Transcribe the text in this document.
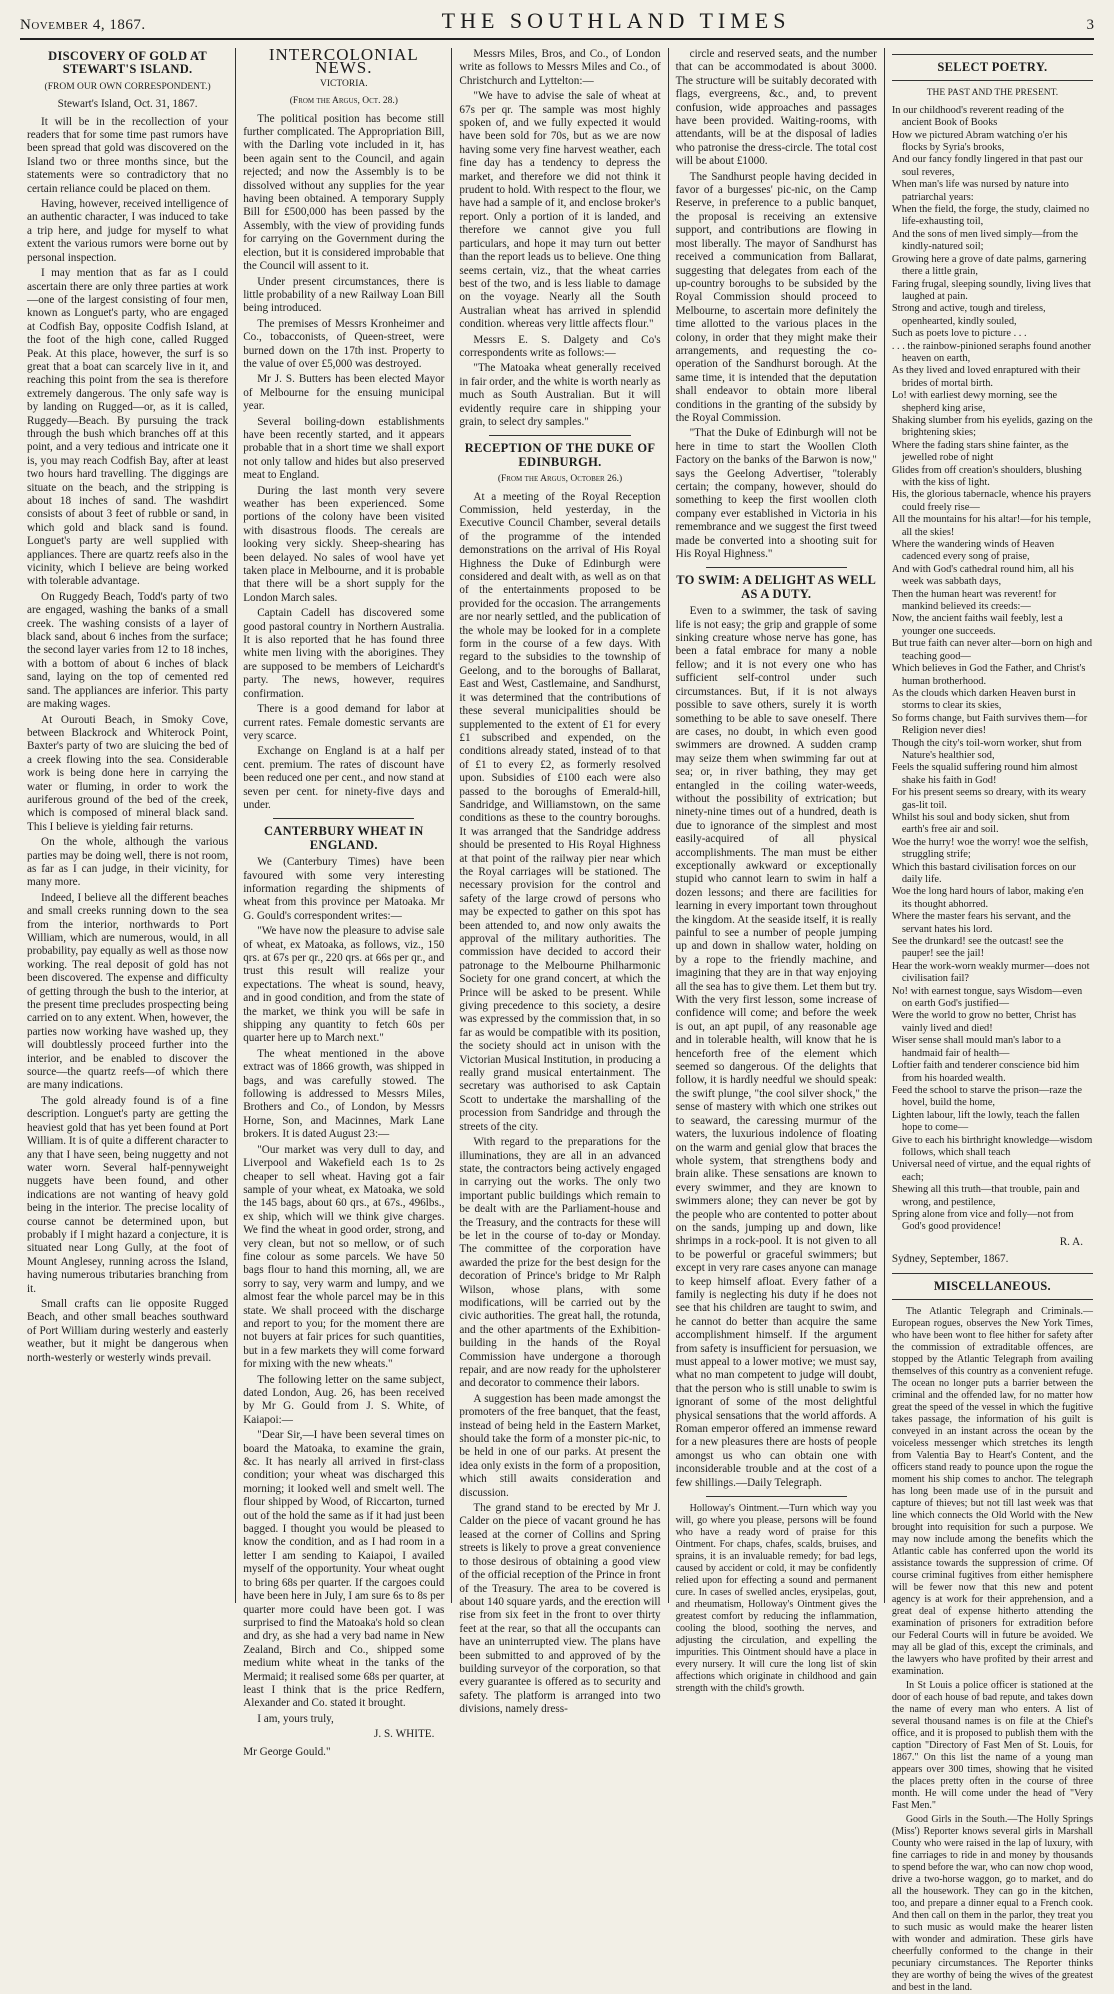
November 4, 1867.	THE SOUTHLAND TIMES	3
DISCOVERY OF GOLD AT STEWART'S ISLAND.
(FROM OUR OWN CORRESPONDENT.)
Stewart's Island, Oct. 31, 1867.

It will be in the recollection of your readers that for some time past rumors have been spread that gold was discovered on the Island two or three months since, but the statements were so contradictory that no certain reliance could be placed on them.

Having, however, received intelligence of an authentic character, I was induced to take a trip here, and judge for myself to what extent the various rumors were borne out by personal inspection.

I may mention that as far as I could ascertain there are only three parties at work—one of the largest consisting of four men, known as Longuet's party, who are engaged at Codfish Bay, opposite Codfish Island, at the foot of the high cone, called Rugged Peak. At this place, however, the surf is so great that a boat can scarcely live in it, and reaching this point from the sea is therefore extremely dangerous. The only safe way is by landing on Rugged—or, as it is called, Ruggedy—Beach. By pursuing the track through the bush which branches off at this point, and a very tedious and intricate one it is, you may reach Codfish Bay, after at least two hours hard travelling. The diggings are situate on the beach, and the stripping is about 18 inches of sand. The washdirt consists of about 3 feet of rubble or sand, in which gold and black sand is found. Longuet's party are well supplied with appliances. There are quartz reefs also in the vicinity, which I believe are being worked with tolerable advantage.

On Ruggedy Beach, Todd's party of two are engaged, washing the banks of a small creek. The washing consists of a layer of black sand, about 6 inches from the surface; the second layer varies from 12 to 18 inches, with a bottom of about 6 inches of black sand, laying on the top of cemented red sand. The appliances are inferior. This party are making wages.

At Ourouti Beach, in Smoky Cove, between Blackrock and Whiterock Point, Baxter's party of two are sluicing the bed of a creek flowing into the sea. Considerable work is being done here in carrying the water or fluming, in order to work the auriferous ground of the bed of the creek, which is composed of mineral black sand. This I believe is yielding fair returns.

On the whole, although the various parties may be doing well, there is not room, as far as I can judge, in their vicinity, for many more.

Indeed, I believe all the different beaches and small creeks running down to the sea from the interior, northwards to Port William, which are numerous, would, in all probability, pay equally as well as those now working. The real deposit of gold has not been discovered. The expense and difficulty of getting through the bush to the interior, at the present time precludes prospecting being carried on to any extent. When, however, the parties now working have washed up, they will doubtlessly proceed further into the interior, and be enabled to discover the source—the quartz reefs—of which there are many indications.

The gold already found is of a fine description. Longuet's party are getting the heaviest gold that has yet been found at Port William. It is of quite a different character to any that I have seen, being nuggetty and not water worn. Several half-pennyweight nuggets have been found, and other indications are not wanting of heavy gold being in the interior. The precise locality of course cannot be determined upon, but probably if I might hazard a conjecture, it is situated near Long Gully, at the foot of Mount Anglesey, running across the Island, having numerous tributaries branching from it.

Small crafts can lie opposite Rugged Beach, and other small beaches southward of Port William during westerly and easterly weather, but it might be dangerous when north-westerly or westerly winds prevail.

INTERCOLONIAL NEWS.
VICTORIA.
(From the Argus, Oct. 28.)

The political position has become still further complicated. The Appropriation Bill, with the Darling vote included in it, has been again sent to the Council, and again rejected; and now the Assembly is to be dissolved without any supplies for the year having been obtained. A temporary Supply Bill for £500,000 has been passed by the Assembly, with the view of providing funds for carrying on the Government during the election, but it is considered improbable that the Council will assent to it.

Under present circumstances, there is little probability of a new Railway Loan Bill being introduced.

The premises of Messrs Kronheimer and Co., tobacconists, of Queen-street, were burned down on the 17th inst. Property to the value of over £5,000 was destroyed.

Mr J. S. Butters has been elected Mayor of Melbourne for the ensuing municipal year.

Several boiling-down establishments have been recently started, and it appears probable that in a short time we shall export not only tallow and hides but also preserved meat to England.

During the last month very severe weather has been experienced. Some portions of the colony have been visited with disastrous floods. The cereals are looking very sickly. Sheep-shearing has been delayed. No sales of wool have yet taken place in Melbourne, and it is probable that there will be a short supply for the London March sales.

Captain Cadell has discovered some good pastoral country in Northern Australia. It is also reported that he has found three white men living with the aborigines. They are supposed to be members of Leichardt's party. The news, however, requires confirmation.

There is a good demand for labor at current rates. Female domestic servants are very scarce.

Exchange on England is at a half per cent. premium. The rates of discount have been reduced one per cent., and now stand at seven per cent. for ninety-five days and under.

CANTERBURY WHEAT IN ENGLAND.

We (Canterbury Times) have been favoured with some very interesting information regarding the shipments of wheat from this province per Matoaka. Mr G. Gould's correspondent writes:—

"We have now the pleasure to advise sale of wheat, ex Matoaka, as follows, viz., 150 qrs. at 67s per qr., 220 qrs. at 66s per qr., and trust this result will realize your expectations. The wheat is sound, heavy, and in good condition, and from the state of the market, we think you will be safe in shipping any quantity to fetch 60s per quarter here up to March next."

The wheat mentioned in the above extract was of 1866 growth, was shipped in bags, and was carefully stowed. The following is addressed to Messrs Miles, Brothers and Co., of London, by Messrs Horne, Son, and Macinnes, Mark Lane brokers. It is dated August 23:—

"Our market was very dull to day, and Liverpool and Wakefield each 1s to 2s cheaper to sell wheat. Having got a fair sample of your wheat, ex Matoaka, we sold the 145 bags, about 60 qrs., at 67s., 496lbs., ex ship, which will we think give charges. We find the wheat in good order, strong, and very clean, but not so mellow, or of such fine colour as some parcels. We have 50 bags flour to hand this morning, all, we are sorry to say, very warm and lumpy, and we almost fear the whole parcel may be in this state. We shall proceed with the discharge and report to you; for the moment there are not buyers at fair prices for such quantities, but in a few markets they will come forward for mixing with the new wheats."

The following letter on the same subject, dated London, Aug. 26, has been received by Mr G. Gould from J. S. White, of Kaiapoi:—

"Dear Sir,—I have been several times on board the Matoaka, to examine the grain, &c. It has nearly all arrived in first-class condition; your wheat was discharged this morning; it looked well and smelt well. The flour shipped by Wood, of Riccarton, turned out of the hold the same as if it had just been bagged. I thought you would be pleased to know the condition, and as I had room in a letter I am sending to Kaiapoi, I availed myself of the opportunity. Your wheat ought to bring 68s per quarter. If the cargoes could have been here in July, I am sure 6s to 8s per quarter more could have been got. I was surprised to find the Matoaka's hold so clean and dry, as she had a very bad name in New Zealand, Birch and Co., shipped some medium white wheat in the tanks of the Mermaid; it realised some 68s per quarter, at least I think that is the price Redfern, Alexander and Co. stated it brought.

I am, yours truly,

J. S. WHITE.

Mr George Gould."

Messrs Miles, Bros, and Co., of London write as follows to Messrs Miles and Co., of Christchurch and Lyttelton:—

"We have to advise the sale of wheat at 67s per qr. The sample was most highly spoken of, and we fully expected it would have been sold for 70s, but as we are now having some very fine harvest weather, each fine day has a tendency to depress the market, and therefore we did not think it prudent to hold. With respect to the flour, we have had a sample of it, and enclose broker's report. Only a portion of it is landed, and therefore we cannot give you full particulars, and hope it may turn out better than the report leads us to believe. One thing seems certain, viz., that the wheat carries best of the two, and is less liable to damage on the voyage. Nearly all the South Australian wheat has arrived in splendid condition. whereas very little affects flour."

Messrs E. S. Dalgety and Co's correspondents write as follows:—

"The Matoaka wheat generally received in fair order, and the white is worth nearly as much as South Australian. But it will evidently require care in shipping your grain, to select dry samples."

RECEPTION OF THE DUKE OF EDINBURGH.
(From the Argus, October 26.)

At a meeting of the Royal Reception Commission, held yesterday, in the Executive Council Chamber, several details of the programme of the intended demonstrations on the arrival of His Royal Highness the Duke of Edinburgh were considered and dealt with, as well as on that of the entertainments proposed to be provided for the occasion. The arrangements are nor nearly settled, and the publication of the whole may be looked for in a complete form in the course of a few days. With regard to the subsidies to the township of Geelong, and to the boroughs of Ballarat, East and West, Castlemaine, and Sandhurst, it was determined that the contributions of these several municipalities should be supplemented to the extent of £1 for every £1 subscribed and expended, on the conditions already stated, instead of to that of £1 to every £2, as formerly resolved upon. Subsidies of £100 each were also passed to the boroughs of Emerald-hill, Sandridge, and Williamstown, on the same conditions as these to the country boroughs. It was arranged that the Sandridge address should be presented to His Royal Highness at that point of the railway pier near which the Royal carriages will be stationed. The necessary provision for the control and safety of the large crowd of persons who may be expected to gather on this spot has been attended to, and now only awaits the approval of the military authorities. The commission have decided to accord their patronage to the Melbourne Philharmonic Society for one grand concert, at which the Prince will be asked to be present. While giving precedence to this society, a desire was expressed by the commission that, in so far as would be compatible with its position, the society should act in unison with the Victorian Musical Institution, in producing a really grand musical entertainment. The secretary was authorised to ask Captain Scott to undertake the marshalling of the procession from Sandridge and through the streets of the city.

With regard to the preparations for the illuminations, they are all in an advanced state, the contractors being actively engaged in carrying out the works. The only two important public buildings which remain to be dealt with are the Parliament-house and the Treasury, and the contracts for these will be let in the course of to-day or Monday. The committee of the corporation have awarded the prize for the best design for the decoration of Prince's bridge to Mr Ralph Wilson, whose plans, with some modifications, will be carried out by the civic authorities. The great hall, the rotunda, and the other apartments of the Exhibition-building in the hands of the Royal Commission have undergone a thorough repair, and are now ready for the upholsterer and decorator to commence their labors.

A suggestion has been made amongst the promoters of the free banquet, that the feast, instead of being held in the Eastern Market, should take the form of a monster pic-nic, to be held in one of our parks. At present the idea only exists in the form of a proposition, which still awaits consideration and discussion.

The grand stand to be erected by Mr J. Calder on the piece of vacant ground he has leased at the corner of Collins and Spring streets is likely to prove a great convenience to those desirous of obtaining a good view of the official reception of the Prince in front of the Treasury. The area to be covered is about 140 square yards, and the erection will rise from six feet in the front to over thirty feet at the rear, so that all the occupants can have an uninterrupted view. The plans have been submitted to and approved of by the building surveyor of the corporation, so that every guarantee is offered as to security and safety. The platform is arranged into two divisions, namely dress-

circle and reserved seats, and the number that can be accommodated is about 3000. The structure will be suitably decorated with flags, evergreens, &c., and, to prevent confusion, wide approaches and passages have been provided. Waiting-rooms, with attendants, will be at the disposal of ladies who patronise the dress-circle. The total cost will be about £1000.

The Sandhurst people having decided in favor of a burgesses' pic-nic, on the Camp Reserve, in preference to a public banquet, the proposal is receiving an extensive support, and contributions are flowing in most liberally. The mayor of Sandhurst has received a communication from Ballarat, suggesting that delegates from each of the up-country boroughs to be subsided by the Royal Commission should proceed to Melbourne, to ascertain more definitely the time allotted to the various places in the colony, in order that they might make their arrangements, and requesting the co-operation of the Sandhurst borough. At the same time, it is intended that the deputation shall endeavor to obtain more liberal conditions in the granting of the subsidy by the Royal Commission.

"That the Duke of Edinburgh will not be here in time to start the Woollen Cloth Factory on the banks of the Barwon is now," says the Geelong Advertiser, "tolerably certain; the company, however, should do something to keep the first woollen cloth company ever established in Victoria in his remembrance and we suggest the first tweed made be converted into a shooting suit for His Royal Highness."

TO SWIM: A DELIGHT AS WELL AS A DUTY.

Even to a swimmer, the task of saving life is not easy; the grip and grapple of some sinking creature whose nerve has gone, has been a fatal embrace for many a noble fellow; and it is not every one who has sufficient self-control under such circumstances. But, if it is not always possible to save others, surely it is worth something to be able to save oneself. There are cases, no doubt, in which even good swimmers are drowned. A sudden cramp may seize them when swimming far out at sea; or, in river bathing, they may get entangled in the coiling water-weeds, without the possibility of extrication; but ninety-nine times out of a hundred, death is due to ignorance of the simplest and most easily-acquired of all physical accomplishments. The man must be either exceptionally awkward or exceptionally stupid who cannot learn to swim in half a dozen lessons; and there are facilities for learning in every important town throughout the kingdom. At the seaside itself, it is really painful to see a number of people jumping up and down in shallow water, holding on by a rope to the friendly machine, and imagining that they are in that way enjoying all the sea has to give them. Let them but try. With the very first lesson, some increase of confidence will come; and before the week is out, an apt pupil, of any reasonable age and in tolerable health, will know that he is henceforth free of the element which seemed so dangerous. Of the delights that follow, it is hardly needful we should speak: the swift plunge, "the cool silver shock," the sense of mastery with which one strikes out to seaward, the caressing murmur of the waters, the luxurious indolence of floating on the warm and genial glow that braces the whole system, that strengthens body and brain alike. These sensations are known to every swimmer, and they are known to swimmers alone; they can never be got by the people who are contented to potter about on the sands, jumping up and down, like shrimps in a rock-pool. It is not given to all to be powerful or graceful swimmers; but except in very rare cases anyone can manage to keep himself afloat. Every father of a family is neglecting his duty if he does not see that his children are taught to swim, and he cannot do better than acquire the same accomplishment himself. If the argument from safety is insufficient for persuasion, we must appeal to a lower motive; we must say, what no man competent to judge will doubt, that the person who is still unable to swim is ignorant of some of the most delightful physical sensations that the world affords. A Roman emperor offered an immense reward for a new pleasures there are hosts of people amongst us who can obtain one with inconsiderable trouble and at the cost of a few shillings.—Daily Telegraph.

Holloway's Ointment.—Turn which way you will, go where you please, persons will be found who have a ready word of praise for this Ointment. For chaps, chafes, scalds, bruises, and sprains, it is an invaluable remedy; for bad legs, caused by accident or cold, it may be confidently relied upon for effecting a sound and permanent cure. In cases of swelled ancles, erysipelas, gout, and rheumatism, Holloway's Ointment gives the greatest comfort by reducing the inflammation, cooling the blood, soothing the nerves, and adjusting the circulation, and expelling the impurities. This Ointment should have a place in every nursery. It will cure the long list of skin affections which originate in childhood and gain strength with the child's growth.

SELECT POETRY.
THE PAST AND THE PRESENT.

In our childhood's reverent reading of the ancient Book of Books

How we pictured Abram watching o'er his flocks by Syria's brooks,

And our fancy fondly lingered in that past our soul reveres,

When man's life was nursed by nature into patriarchal years:

When the field, the forge, the study, claimed no life-exhausting toil,

And the sons of men lived simply—from the kindly-natured soil;

Growing here a grove of date palms, garnering there a little grain,

Faring frugal, sleeping soundly, living lives that laughed at pain.

Strong and active, tough and tireless, openhearted, kindly souled,

Such as poets love to picture . . .

. . . the rainbow-pinioned seraphs found another heaven on earth,

As they lived and loved enraptured with their brides of mortal birth.

Lo! with earliest dewy morning, see the shepherd king arise,

Shaking slumber from his eyelids, gazing on the brightening skies;

Where the fading stars shine fainter, as the jewelled robe of night

Glides from off creation's shoulders, blushing with the kiss of light.

His, the glorious tabernacle, whence his prayers could freely rise—

All the mountains for his altar!—for his temple, all the skies!

Where the wandering winds of Heaven cadenced every song of praise,

And with God's cathedral round him, all his week was sabbath days,

Then the human heart was reverent! for mankind believed its creeds:—

Now, the ancient faiths wail feebly, lest a younger one succeeds.

But true faith can never alter—born on high and teaching good—

Which believes in God the Father, and Christ's human brotherhood.

As the clouds which darken Heaven burst in storms to clear its skies,

So forms change, but Faith survives them—for Religion never dies!

Though the city's toil-worn worker, shut from Nature's healthier sod,

Feels the squalid suffering round him almost shake his faith in God!

For his present seems so dreary, with its weary gas-lit toil.

Whilst his soul and body sicken, shut from earth's free air and soil.

Woe the hurry! woe the worry! woe the selfish, struggling strife;

Which this bastard civilisation forces on our daily life.

Woe the long hard hours of labor, making e'en its thought abhorred.

Where the master fears his servant, and the servant hates his lord.

See the drunkard! see the outcast! see the pauper! see the jail!

Hear the work-worn weakly murmer—does not civilisation fail?

No! with earnest tongue, says Wisdom—even on earth God's justified—

Were the world to grow no better, Christ has vainly lived and died!

Wiser sense shall mould man's labor to a handmaid fair of health—

Loftier faith and tenderer conscience bid him from his hoarded wealth.

Feed the school to starve the prison—raze the hovel, build the home,

Lighten labour, lift the lowly, teach the fallen hope to come—

Give to each his birthright knowledge—wisdom follows, which shall teach

Universal need of virtue, and the equal rights of each;

Shewing all this truth—that trouble, pain and wrong, and pestilence,

Spring alone from vice and folly—not from God's good providence!

R. A.

Sydney, September, 1867.

MISCELLANEOUS.

The Atlantic Telegraph and Criminals.—European rogues, observes the New York Times, who have been wont to flee hither for safety after the commission of extraditable offences, are stopped by the Atlantic Telegraph from availing themselves of this country as a convenient refuge. The ocean no longer puts a barrier between the criminal and the offended law, for no matter how great the speed of the vessel in which the fugitive takes passage, the information of his guilt is conveyed in an instant across the ocean by the voiceless messenger which stretches its length from Valentia Bay to Heart's Content, and the officers stand ready to pounce upon the rogue the moment his ship comes to anchor. The telegraph has long been made use of in the pursuit and capture of thieves; but not till last week was that line which connects the Old World with the New brought into requisition for such a purpose. We may now include among the benefits which the Atlantic cable has conferred upon the world its assistance towards the suppression of crime. Of course criminal fugitives from either hemisphere will be fewer now that this new and potent agency is at work for their apprehension, and a great deal of expense hitherto attending the examination of prisoners for extradition before our Federal Courts will in future be avoided. We may all be glad of this, except the criminals, and the lawyers who have profited by their arrest and examination.

In St Louis a police officer is stationed at the door of each house of bad repute, and takes down the name of every man who enters. A list of several thousand names is on file at the Chief's office, and it is proposed to publish them with the caption "Directory of Fast Men of St. Louis, for 1867." On this list the name of a young man appears over 300 times, showing that he visited the places pretty often in the course of three month. He will come under the head of "Very Fast Men."

Good Girls in the South.—The Holly Springs (Miss') Reporter knows several girls in Marshall County who were raised in the lap of luxury, with fine carriages to ride in and money by thousands to spend before the war, who can now chop wood, drive a two-horse waggon, go to market, and do all the housework. They can go in the kitchen, too, and prepare a dinner equal to a French cook. And then call on them in the parlor, they treat you to such music as would make the hearer listen with wonder and admiration. These girls have cheerfully conformed to the change in their pecuniary circumstances. The Reporter thinks they are worthy of being the wives of the greatest and best in the land.
